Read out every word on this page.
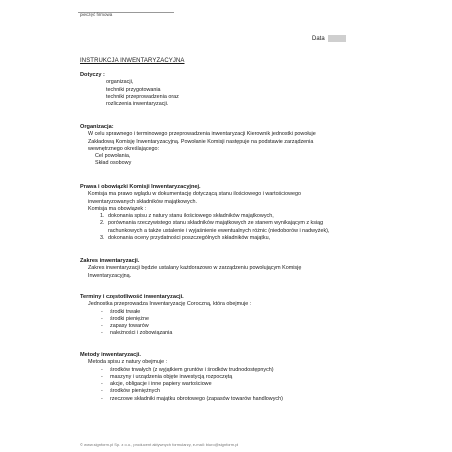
pieczęć firmowa
Data
INSTRUKCJA INWENTARYZACYJNA
Dotyczy :

organizacji,

techniki przygotowania

techniki przeprowadzenia oraz

rozliczenia inwentaryzacji.

Organizacja:

W celu sprawnego i terminowego przeprowadzenia inwentaryzacji Kierownik jednostki powołuje

Zakładową Komisję Inwentaryzacyjną. Powołanie Komisji następuje na podstawie zarządzenia

wewnętrznego określającego:

Cel powołania,

Skład osobowy

Prawa i obowiązki Komisji Inwentaryzacyjnej.

Komisja ma prawo wglądu w dokumentację dotyczącą stanu ilościowego i wartościowego

inwentaryzowanych składników majątkowych.

Komisja ma obowiązek :

1. dokonania spisu z natury stanu ilościowego składników majątkowych,
2. porównania rzeczywistego stanu składników majątkowych ze stanem wynikającym z ksiąg
rachunkowych a także ustalenie i wyjaśnienie ewentualnych różnic (niedoborów i nadwyżek),
3. dokonania oceny przydatności poszczególnych składników majątku,
Zakres inwentaryzacji.

Zakres inwentaryzacji będzie ustalany każdorazowo w zarządzeniu powołującym Komisję

Inwentaryzacyjną.

Terminy i częstotliwość inwentaryzacji.

Jednostka przeprowadza Inwentaryzację Coroczną, która obejmuje :

-	środki trwałe
-	środki pieniężne
-	zapasy towarów
-	należności i zobowiązania
Metody inwentaryzacji.

Metoda spisu z natury obejmuje :

-	środków trwałych (z wyjątkiem gruntów i środków trudnodostępnych)
-	maszyny i urządzenia objęte inwestycją rozpoczętą
-	akcje, obligacje i inne papiery wartościowe
-	środków pieniężnych
-	rzeczowe składniki majątku obrotowego (zapasów towarów handlowych)
© www.signform.pl Sp. z o.o., producent aktywnych formularzy, e-mail: biuro@signform.pl
